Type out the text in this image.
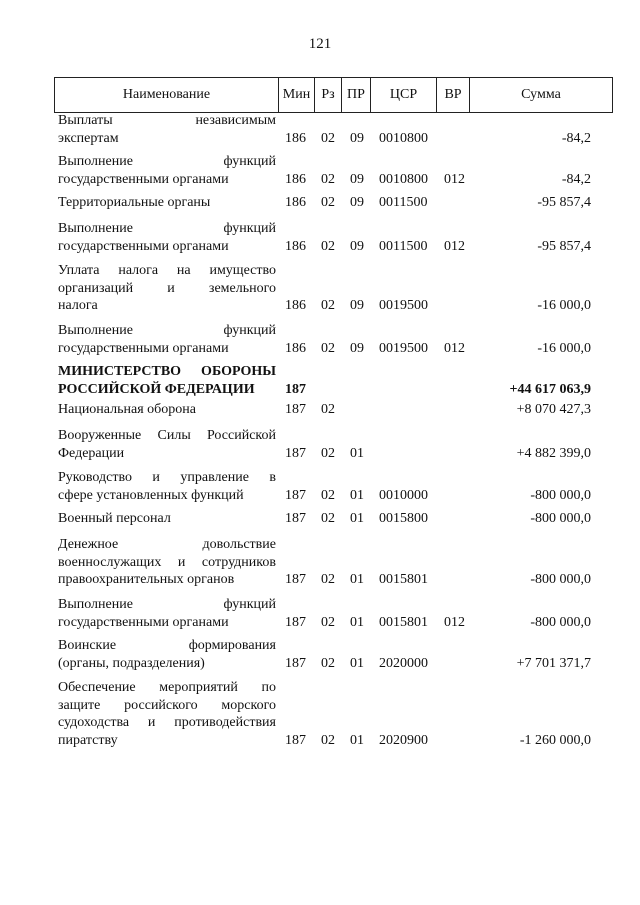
121
Наименование	Мин Рз ПР	ЦСР	ВР	Сумма
Выплаты независимым
экспертам	186 02 09 0010800	-84,2
Выполнение функций
государственными органами	186 02 09 0010800 012	-84,2
Территориальные органы	186 02 09 0011500	-95 857,4
Выполнение функций
государственными органами	186 02 09 0011500 012	-95 857,4
Уплата налога на имущество
организаций и земельного
налога	186 02 09 0019500	-16 000,0
Выполнение функций
государственными органами	186 02 09 0019500 012	-16 000,0
МИНИСТЕРСТВО ОБОРОНЫ
РОССИЙСКОЙ ФЕДЕРАЦИИ	187	+44 617 063,9
Национальная оборона	187 02	+8 070 427,3
Вооруженные Силы Российской
Федерации	187 02 01	+4 882 399,0
Руководство и управление в
сфере установленных функций	187 02 01 0010000	-800 000,0
Военный персонал	187 02 01 0015800	-800 000,0
Денежное довольствие
военнослужащих и сотрудников
правоохранительных органов	187 02 01 0015801	-800 000,0
Выполнение функций
государственными органами	187 02 01 0015801 012	-800 000,0
Воинские формирования
(органы, подразделения)	187 02 01 2020000	+7 701 371,7
Обеспечение мероприятий по
защите российского морского
судоходства и противодействия
пиратству	187 02 01 2020900	-1 260 000,0
